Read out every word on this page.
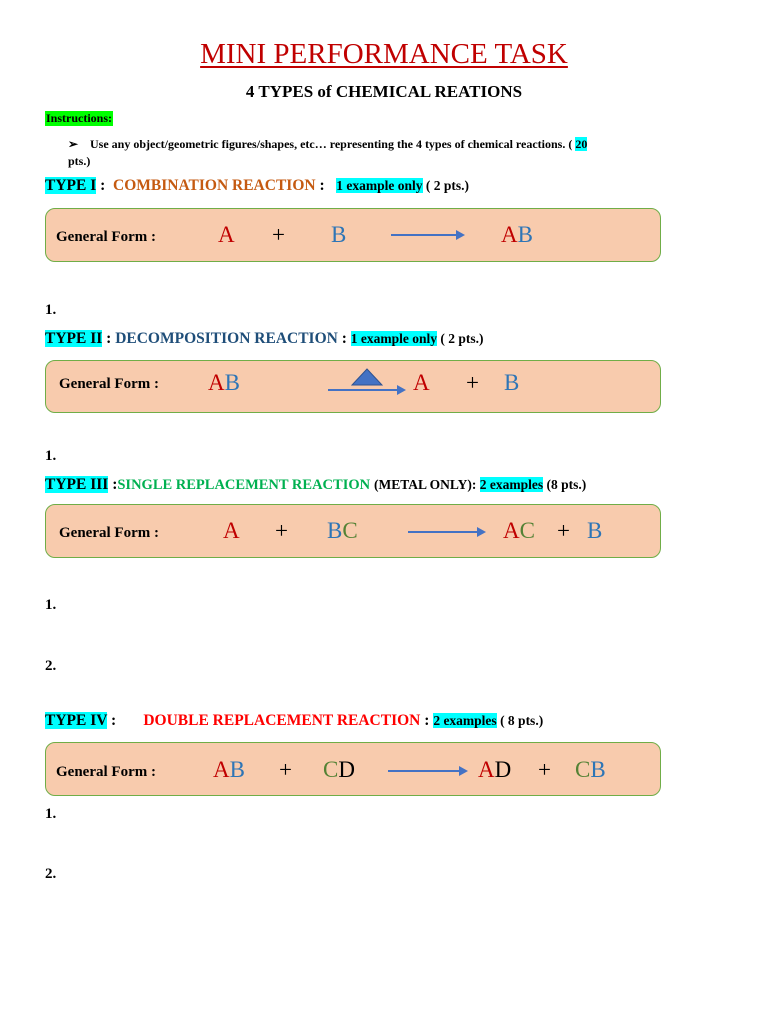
MINI PERFORMANCE TASK
4 TYPES of CHEMICAL REATIONS
Instructions:
➢ Use any object/geometric figures/shapes, etc… representing the 4 types of chemical reactions. ( 20
pts.)
TYPE I :  COMBINATION REACTION :   1 example only ( 2 pts.)
General Form :	A + B	AB
1.
TYPE II : DECOMPOSITION REACTION : 1 example only ( 2 pts.)
General Form : AB	A + B
1.
TYPE III :SINGLE REPLACEMENT REACTION (METAL ONLY): 2 examples (8 pts.)
General Form :	A + BC	AC + B
1.
2.
TYPE IV :       DOUBLE REPLACEMENT REACTION : 2 examples ( 8 pts.)
General Form : AB + CD	AD + CB
1.
2.
